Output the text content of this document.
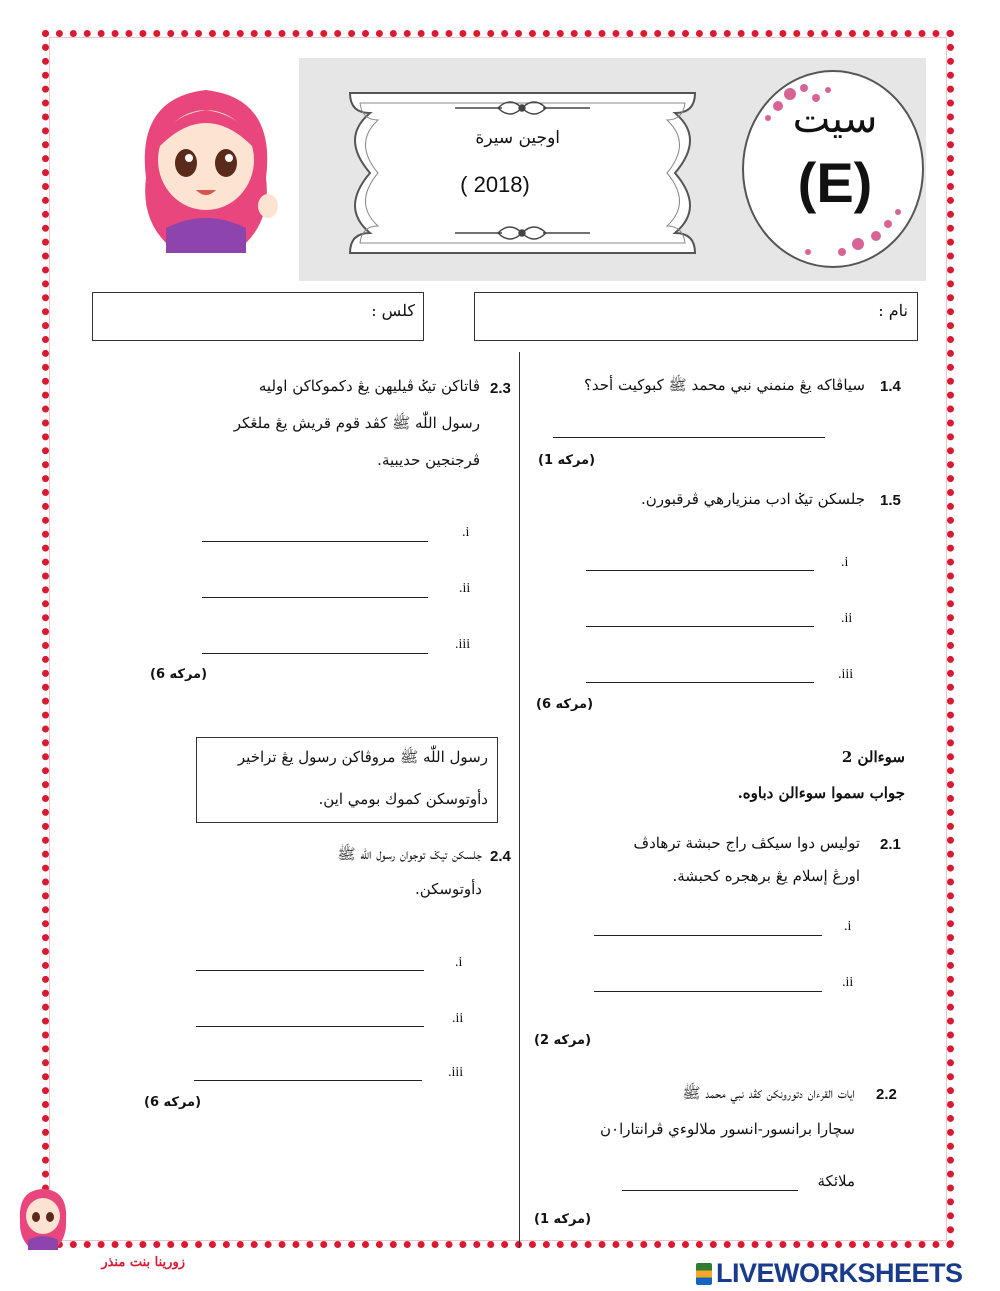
اوجين سيرة
( 2018)
سيت
(E)
كلس :	نام :
1.4
سياڤاكه يڠ منمني نبي محمد ﷺ كبوكيت أحد؟
(1 مركه)
1.5
جلسكن تيݢ ادب منزيارهي ڤرقبورن.
.i
.ii
.iii
(6 مركه)
سوءالن 2
جواب سموا سوءالن دباوه.
2.1
توليس دوا سيكڤ راج حبشة ترهادڤ
اورڠ إسلام يڠ برهجره كحبشة.
.i
.ii
(2 مركه)
2.2
ايات القرءان دتورونكن كڤد نبي محمد ﷺ
سچارا برانسور-انسور ملالوءي ڤرانتارا٠ن
ملائكة
(1 مركه)
2.3
ڤاتاكن تيݢ ڤيليهن يڠ دكموكاكن اوليه
رسول اللّٰه ﷺ كڤد قوم قريش يڠ ملڠكر
ڤرجنجين حديبية.
.i
.ii
.iii
(6 مركه)
رسول اللّٰه ﷺ مروڤاكن رسول يڠ تراخير
دأوتوسكن كموك بومي اين.
2.4
جلسكن تيݢ توجوان رسول اللّٰه ﷺ
دأوتوسكن.
.i
.ii
.iii
(6 مركه)
زورينا بنت منذر	LIVEWORKSHEETS
